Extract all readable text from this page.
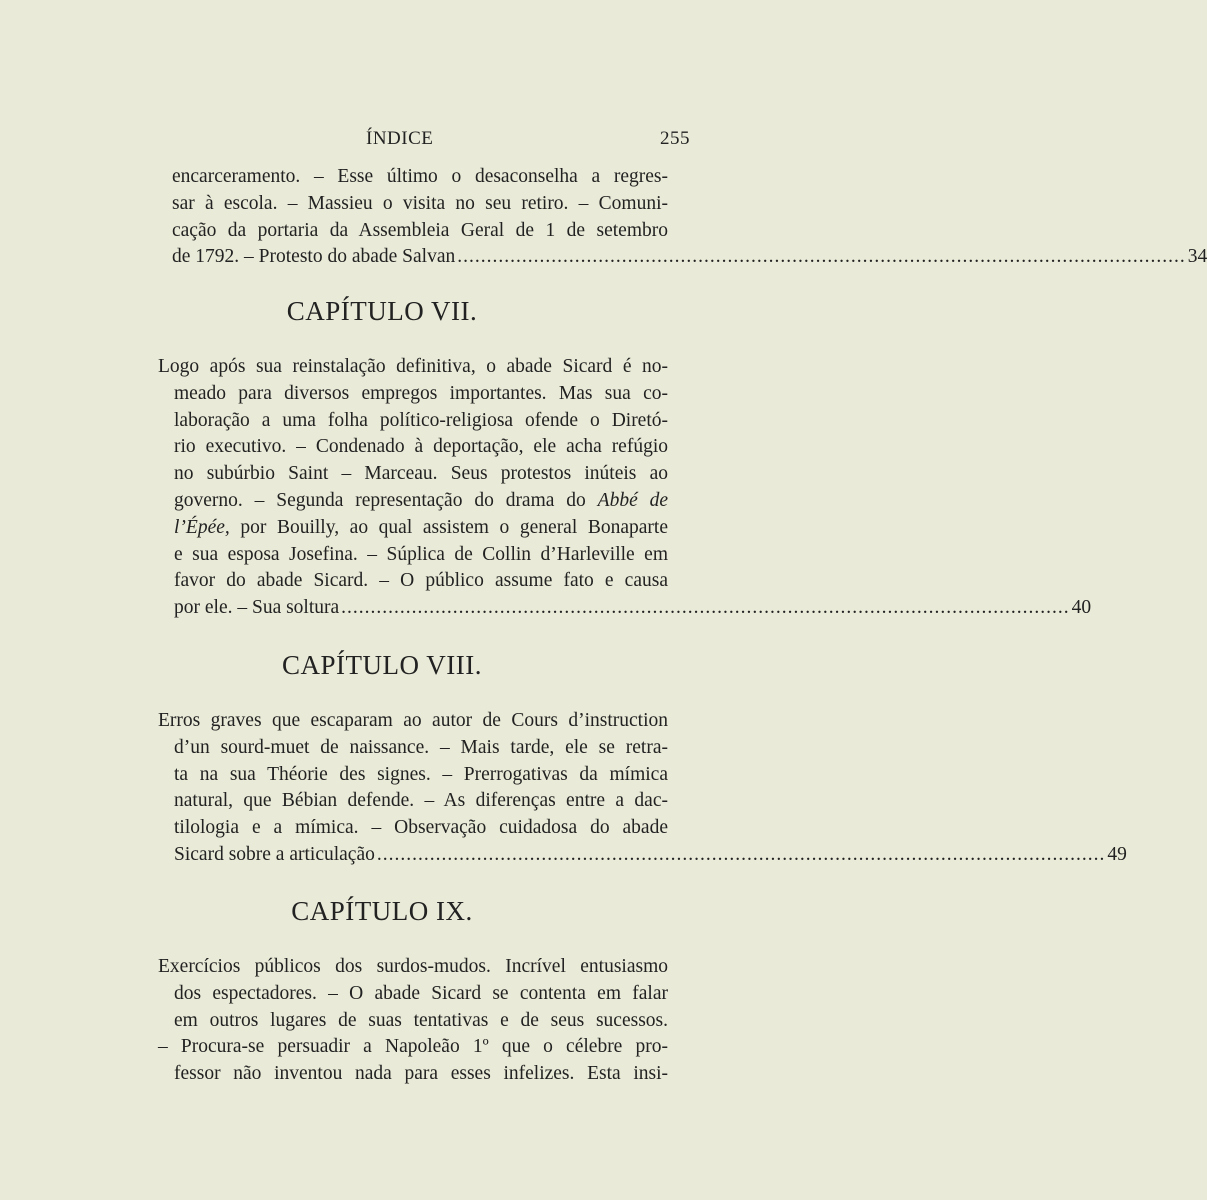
ÍNDICE	255
encarceramento. – Esse último o desaconselha a regres-
sar à escola. – Massieu o visita no seu retiro. – Comuni-
cação da portaria da Assembleia Geral de 1 de setembro
de 1792. – Protesto do abade Salvan ............................................................................................................................ 34
CAPÍTULO VII.
Logo após sua reinstalação definitiva, o abade Sicard é no-
meado para diversos empregos importantes. Mas sua co-
laboração a uma folha político-religiosa ofende o Diretó-
rio executivo. – Condenado à deportação, ele acha refúgio
no subúrbio Saint – Marceau. Seus protestos inúteis ao
governo. – Segunda representação do drama do Abbé de
l’Épée, por Bouilly, ao qual assistem o general Bonaparte
e sua esposa Josefina. – Súplica de Collin d’Harleville em
favor do abade Sicard. – O público assume fato e causa
por ele. – Sua soltura ............................................................................................................................ 40
CAPÍTULO VIII.
Erros graves que escaparam ao autor de Cours d’instruction
d’un sourd-muet de naissance. – Mais tarde, ele se retra-
ta na sua Théorie des signes. – Prerrogativas da mímica
natural, que Bébian defende. – As diferenças entre a dac-
tilologia e a mímica. – Observação cuidadosa do abade
Sicard sobre a articulação ............................................................................................................................ 49
CAPÍTULO IX.
Exercícios públicos dos surdos-mudos. Incrível entusiasmo
dos espectadores. – O abade Sicard se contenta em falar
em outros lugares de suas tentativas e de seus sucessos.
– Procura-se persuadir a Napoleão 1º que o célebre pro-
fessor não inventou nada para esses infelizes. Esta insi-
